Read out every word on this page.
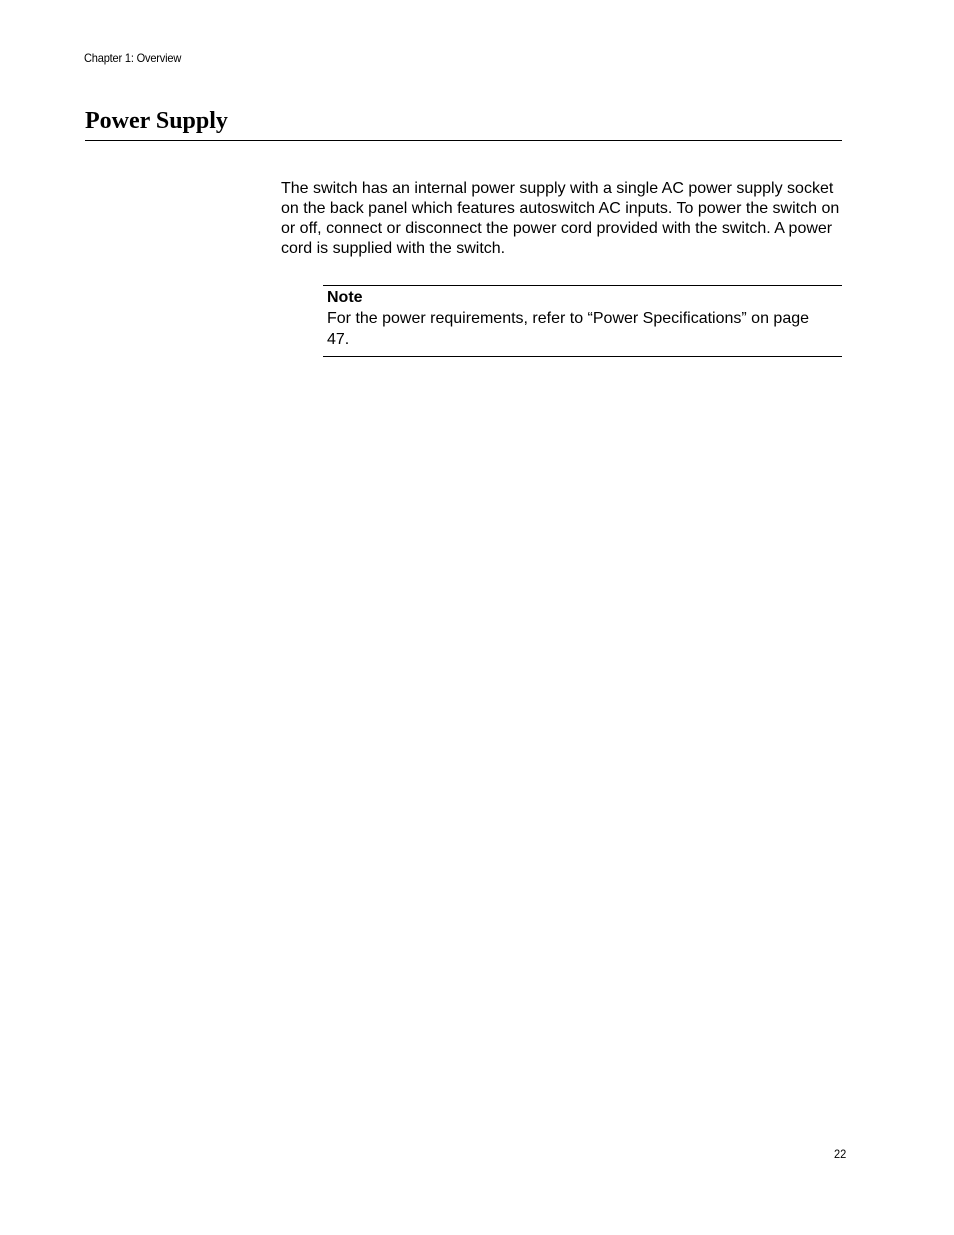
Chapter 1: Overview
Power Supply

The switch has an internal power supply with a single AC power supply socket on the back panel which features autoswitch AC inputs. To power the switch on or off, connect or disconnect the power cord provided with the switch. A power cord is supplied with the switch.

Note

For the power requirements, refer to “Power Specifications” on page 47.

22
